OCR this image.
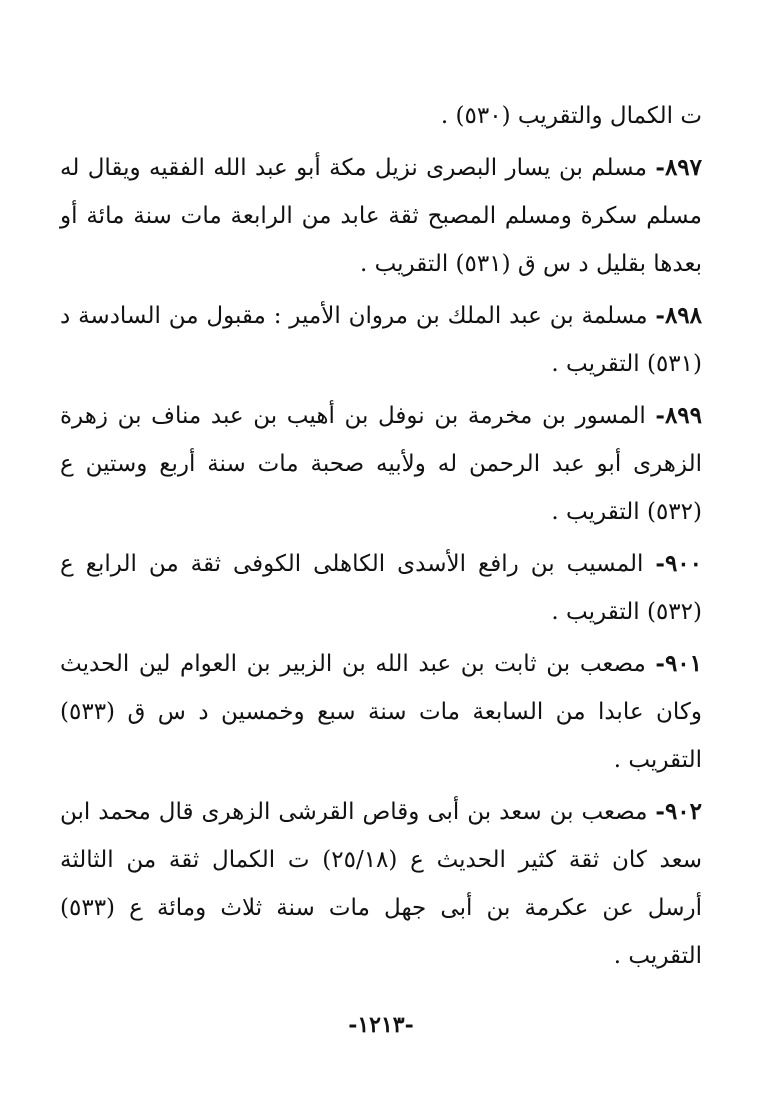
ت الكمال والتقريب (٥٣٠) .

٨٩٧- مسلم بن يسار البصرى نزيل مكة أبو عبد الله الفقيه ويقال له مسلم سكرة ومسلم المصبح ثقة عابد من الرابعة مات سنة مائة أو بعدها بقليل د س ق (٥٣١) التقريب .

٨٩٨- مسلمة بن عبد الملك بن مروان الأمير : مقبول من السادسة د (٥٣١) التقريب .

٨٩٩- المسور بن مخرمة بن نوفل بن أهيب بن عبد مناف بن زهرة الزهرى أبو عبد الرحمن له ولأبيه صحبة مات سنة أربع وستين ع (٥٣٢) التقريب .

٩٠٠- المسيب بن رافع الأسدى الكاهلى الكوفى ثقة من الرابع ع (٥٣٢) التقريب .

٩٠١- مصعب بن ثابت بن عبد الله بن الزبير بن العوام لين الحديث وكان عابدا من السابعة مات سنة سبع وخمسين د س ق (٥٣٣) التقريب .

٩٠٢- مصعب بن سعد بن أبى وقاص القرشى الزهرى قال محمد ابن سعد كان ثقة كثير الحديث ع (٢٥/١٨) ت الكمال ثقة من الثالثة أرسل عن عكرمة بن أبى جهل مات سنة ثلاث ومائة ع (٥٣٣) التقريب .

-١٢١٣-
